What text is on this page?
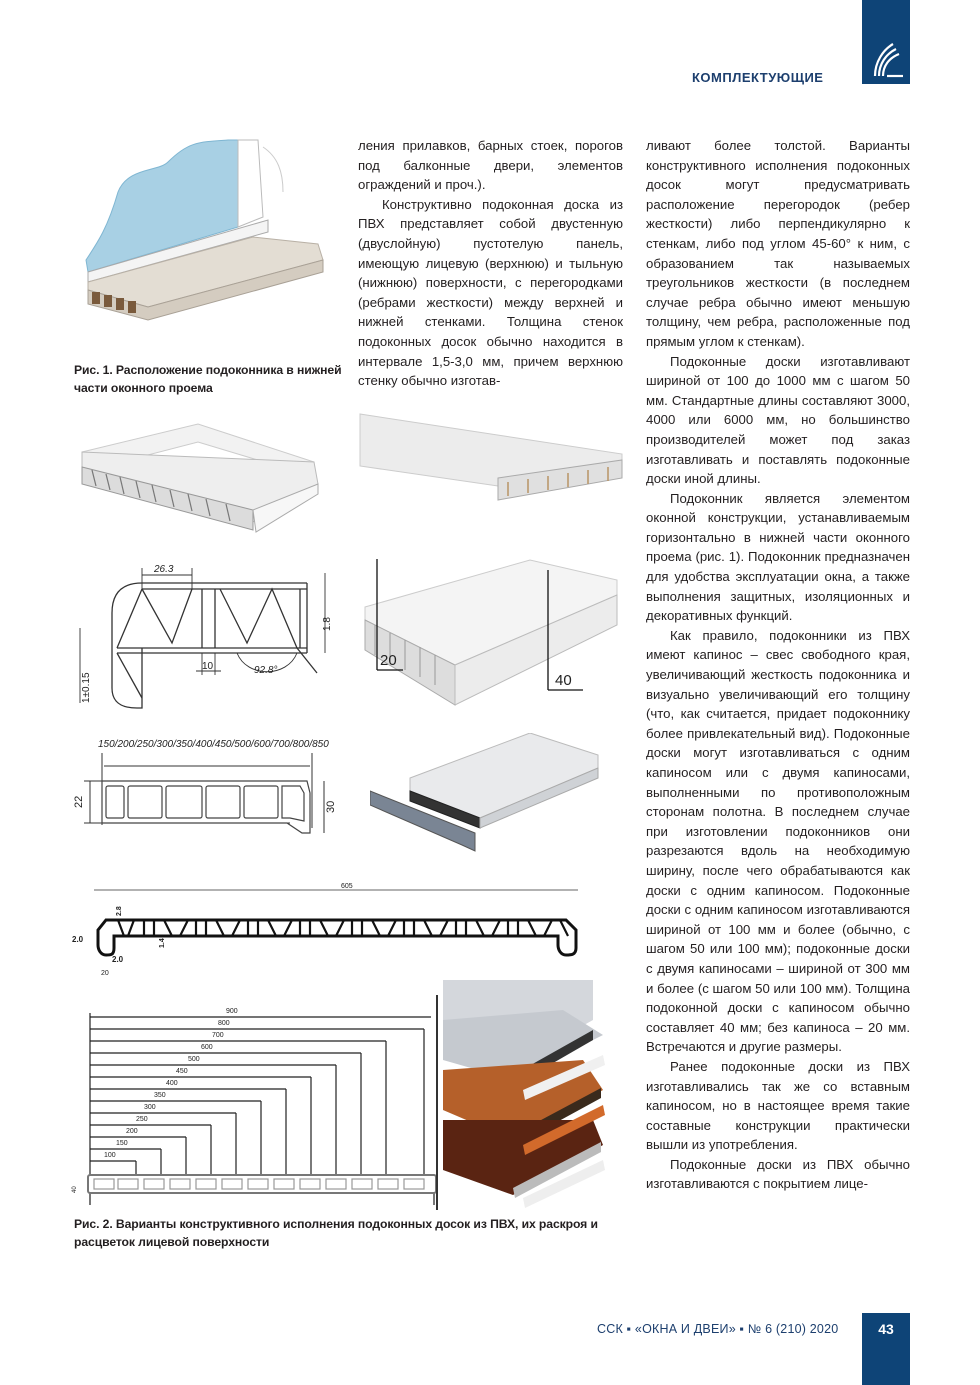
КОМПЛЕКТУЮЩИЕ
Рис. 1. Расположение подоконника в нижней части оконного проема

ления прилавков, барных стоек, порогов под балконные двери, элементов ограждений и проч.).

Конструктивно подоконная доска из ПВХ представляет собой двустенную (двуслойную) пустотелую панель, имеющую лицевую (верхнюю) и тыльную (нижнюю) поверхности, с перегородками (ребрами жесткости) между верхней и нижней стенками. Толщина стенок подоконных досок обычно находится в интервале 1,5-3,0 мм, причем верхнюю стенку обычно изготав-

ливают более толстой. Варианты конструктивного исполнения подоконных досок могут предусматривать расположение перегородок (ребер жесткости) либо перпендикулярно к стенкам, либо под углом 45-60° к ним, с образованием так называемых треугольников жесткости (в последнем случае ребра обычно имеют меньшую толщину, чем ребра, расположенные под прямым углом к стенкам).

Подоконные доски изготавливают шириной от 100 до 1000 мм с шагом 50 мм. Стандартные длины составляют 3000, 4000 или 6000 мм, но большинство производителей может под заказ изготавливать и поставлять подоконные доски иной длины.

Подоконник является элементом оконной конструкции, устанавливаемым горизонтально в нижней части оконного проема (рис. 1). Подоконник предназначен для удобства эксплуатации окна, а также выполнения защитных, изоляционных и декоративных функций.

Как правило, подоконники из ПВХ имеют капинос – свес свободного края, увеличивающий жесткость подоконника и визуально увеличивающий его толщину (что, как считается, придает подоконнику более привлекательный вид). Подоконные доски могут изготавливаться с одним капиносом или с двумя капиносами, выполненными по противоположным сторонам полотна. В последнем случае при изготовлении подоконников они разрезаются вдоль на необходимую ширину, после чего обрабатываются как доски с одним капиносом. Подоконные доски с одним капиносом изготавливаются шириной от 100 мм и более (обычно, с шагом 50 или 100 мм); подоконные доски с двумя капиносами – шириной от 300 мм и более (с шагом 50 или 100 мм). Толщина подоконной доски с капиносом обычно составляет 40 мм; без капиноса – 20 мм. Встречаются и другие размеры.

Ранее подоконные доски из ПВХ изготавливались так же со вставным капиносом, но в настоящее время такие составные конструкции практически вышли из употребления.

Подоконные доски из ПВХ обычно изготавливаются с покрытием лице-

26.3
1.8
1±0.15
10	92.8°
20
40
150/200/250/300/350/400/450/500/600/700/800/850
22	30
605
2.8
2.0
2.0
1.4
20
900
800
700
600
500
450
400
350
300
250
200
150
100
40
Рис. 2. Варианты конструктивного исполнения подоконных досок из ПВХ, их раскроя и расцветок лицевой поверхности
ССК ▪ «ОКНА И ДВЕИ» ▪ № 6 (210) 2020	43
